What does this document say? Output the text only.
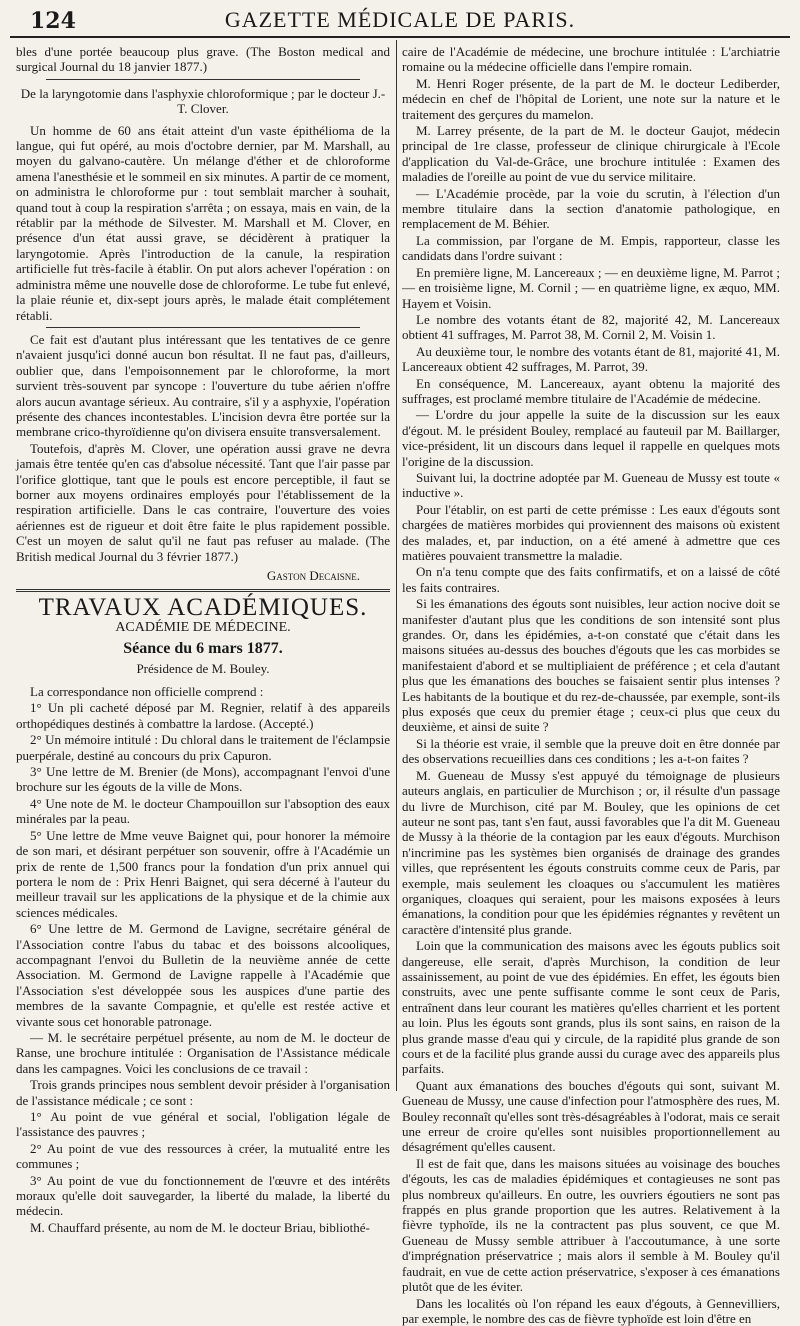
124	GAZETTE MÉDICALE DE PARIS.

bles d'une portée beaucoup plus grave. (The Boston medical and surgical Journal du 18 janvier 1877.)

De la laryngotomie dans l'asphyxie chloroformique ; par le docteur J.-T. Clover.

Un homme de 60 ans était atteint d'un vaste épithélioma de la langue, qui fut opéré, au mois d'octobre dernier, par M. Marshall, au moyen du galvano-cautère. Un mélange d'éther et de chloroforme amena l'anesthésie et le sommeil en six minutes. A partir de ce moment, on administra le chloroforme pur : tout semblait marcher à souhait, quand tout à coup la respiration s'arrêta ; on essaya, mais en vain, de la rétablir par la méthode de Silvester. M. Marshall et M. Clover, en présence d'un état aussi grave, se décidèrent à pratiquer la laryngotomie. Après l'introduction de la canule, la respiration artificielle fut très-facile à établir. On put alors achever l'opération : on administra même une nouvelle dose de chloroforme. Le tube fut enlevé, la plaie réunie et, dix-sept jours après, le malade était complétement rétabli.

Ce fait est d'autant plus intéressant que les tentatives de ce genre n'avaient jusqu'ici donné aucun bon résultat. Il ne faut pas, d'ailleurs, oublier que, dans l'empoisonnement par le chloroforme, la mort survient très-souvent par syncope : l'ouverture du tube aérien n'offre alors aucun avantage sérieux. Au contraire, s'il y a asphyxie, l'opération présente des chances incontestables. L'incision devra être portée sur la membrane crico-thyroïdienne qu'on divisera ensuite transversalement.

Toutefois, d'après M. Clover, une opération aussi grave ne devra jamais être tentée qu'en cas d'absolue nécessité. Tant que l'air passe par l'orifice glottique, tant que le pouls est encore perceptible, il faut se borner aux moyens ordinaires employés pour l'établissement de la respiration artificielle. Dans le cas contraire, l'ouverture des voies aériennes est de rigueur et doit être faite le plus rapidement possible. C'est un moyen de salut qu'il ne faut pas refuser au malade. (The British medical Journal du 3 février 1877.)

Gaston Decaisne.
TRAVAUX ACADÉMIQUES.
ACADÉMIE DE MÉDECINE.
Séance du 6 mars 1877.
Présidence de M. Bouley.

La correspondance non officielle comprend :

1° Un pli cacheté déposé par M. Regnier, relatif à des appareils orthopédiques destinés à combattre la lardose. (Accepté.)

2° Un mémoire intitulé : Du chloral dans le traitement de l'éclampsie puerpérale, destiné au concours du prix Capuron.

3° Une lettre de M. Brenier (de Mons), accompagnant l'envoi d'une brochure sur les égouts de la ville de Mons.

4° Une note de M. le docteur Champouillon sur l'absoption des eaux minérales par la peau.

5° Une lettre de Mme veuve Baignet qui, pour honorer la mémoire de son mari, et désirant perpétuer son souvenir, offre à l'Académie un prix de rente de 1,500 francs pour la fondation d'un prix annuel qui portera le nom de : Prix Henri Baignet, qui sera décerné à l'auteur du meilleur travail sur les applications de la physique et de la chimie aux sciences médicales.

6° Une lettre de M. Germond de Lavigne, secrétaire général de l'Association contre l'abus du tabac et des boissons alcooliques, accompagnant l'envoi du Bulletin de la neuvième année de cette Association. M. Germond de Lavigne rappelle à l'Académie que l'Association s'est développée sous les auspices d'une partie des membres de la savante Compagnie, et qu'elle est restée active et vivante sous cet honorable patronage.

— M. le secrétaire perpétuel présente, au nom de M. le docteur de Ranse, une brochure intitulée : Organisation de l'Assistance médicale dans les campagnes. Voici les conclusions de ce travail :

Trois grands principes nous semblent devoir présider à l'organisation de l'assistance médicale ; ce sont :

1° Au point de vue général et social, l'obligation légale de l'assistance des pauvres ;

2° Au point de vue des ressources à créer, la mutualité entre les communes ;

3° Au point de vue du fonctionnement de l'œuvre et des intérêts moraux qu'elle doit sauvegarder, la liberté du malade, la liberté du médecin.

M. Chauffard présente, au nom de M. le docteur Briau, bibliothé-

caire de l'Académie de médecine, une brochure intitulée : L'archiatrie romaine ou la médecine officielle dans l'empire romain.

M. Henri Roger présente, de la part de M. le docteur Lediberder, médecin en chef de l'hôpital de Lorient, une note sur la nature et le traitement des gerçures du mamelon.

M. Larrey présente, de la part de M. le docteur Gaujot, médecin principal de 1re classe, professeur de clinique chirurgicale à l'Ecole d'application du Val-de-Grâce, une brochure intitulée : Examen des maladies de l'oreille au point de vue du service militaire.

— L'Académie procède, par la voie du scrutin, à l'élection d'un membre titulaire dans la section d'anatomie pathologique, en remplacement de M. Béhier.

La commission, par l'organe de M. Empis, rapporteur, classe les candidats dans l'ordre suivant :

En première ligne, M. Lancereaux ; — en deuxième ligne, M. Parrot ; — en troisième ligne, M. Cornil ; — en quatrième ligne, ex æquo, MM. Hayem et Voisin.

Le nombre des votants étant de 82, majorité 42, M. Lancereaux obtient 41 suffrages, M. Parrot 38, M. Cornil 2, M. Voisin 1.

Au deuxième tour, le nombre des votants étant de 81, majorité 41, M. Lancereaux obtient 42 suffrages, M. Parrot, 39.

En conséquence, M. Lancereaux, ayant obtenu la majorité des suffrages, est proclamé membre titulaire de l'Académie de médecine.

— L'ordre du jour appelle la suite de la discussion sur les eaux d'égout. M. le président Bouley, remplacé au fauteuil par M. Baillarger, vice-président, lit un discours dans lequel il rappelle en quelques mots l'origine de la discussion.

Suivant lui, la doctrine adoptée par M. Gueneau de Mussy est toute « inductive ».

Pour l'établir, on est parti de cette prémisse : Les eaux d'égouts sont chargées de matières morbides qui proviennent des maisons où existent des malades, et, par induction, on a été amené à admettre que ces matières pouvaient transmettre la maladie.

On n'a tenu compte que des faits confirmatifs, et on a laissé de côté les faits contraires.

Si les émanations des égouts sont nuisibles, leur action nocive doit se manifester d'autant plus que les conditions de son intensité sont plus grandes. Or, dans les épidémies, a-t-on constaté que c'était dans les maisons situées au-dessus des bouches d'égouts que les cas morbides se manifestaient d'abord et se multipliaient de préférence ; et cela d'autant plus que les émanations des bouches se faisaient sentir plus intenses ? Les habitants de la boutique et du rez-de-chaussée, par exemple, sont-ils plus exposés que ceux du premier étage ; ceux-ci plus que ceux du deuxième, et ainsi de suite ?

Si la théorie est vraie, il semble que la preuve doit en être donnée par des observations recueillies dans ces conditions ; les a-t-on faites ?

M. Gueneau de Mussy s'est appuyé du témoignage de plusieurs auteurs anglais, en particulier de Murchison ; or, il résulte d'un passage du livre de Murchison, cité par M. Bouley, que les opinions de cet auteur ne sont pas, tant s'en faut, aussi favorables que l'a dit M. Gueneau de Mussy à la théorie de la contagion par les eaux d'égouts. Murchison n'incrimine pas les systèmes bien organisés de drainage des grandes villes, que représentent les égouts construits comme ceux de Paris, par exemple, mais seulement les cloaques ou s'accumulent les matières organiques, cloaques qui seraient, pour les maisons exposées à leurs émanations, la condition pour que les épidémies régnantes y revêtent un caractère d'intensité plus grande.

Loin que la communication des maisons avec les égouts publics soit dangereuse, elle serait, d'après Murchison, la condition de leur assainissement, au point de vue des épidémies. En effet, les égouts bien construits, avec une pente suffisante comme le sont ceux de Paris, entraînent dans leur courant les matières qu'elles charrient et les portent au loin. Plus les égouts sont grands, plus ils sont sains, en raison de la plus grande masse d'eau qui y circule, de la rapidité plus grande de son cours et de la facilité plus grande aussi du curage avec des appareils plus parfaits.

Quant aux émanations des bouches d'égouts qui sont, suivant M. Gueneau de Mussy, une cause d'infection pour l'atmosphère des rues, M. Bouley reconnaît qu'elles sont très-désagréables à l'odorat, mais ce serait une erreur de croire qu'elles sont nuisibles proportionnellement au désagrément qu'elles causent.

Il est de fait que, dans les maisons situées au voisinage des bouches d'égouts, les cas de maladies épidémiques et contagieuses ne sont pas plus nombreux qu'ailleurs. En outre, les ouvriers égoutiers ne sont pas frappés en plus grande proportion que les autres. Relativement à la fièvre typhoïde, ils ne la contractent pas plus souvent, ce que M. Gueneau de Mussy semble attribuer à l'accoutumance, à une sorte d'imprégnation préservatrice ; mais alors il semble à M. Bouley qu'il faudrait, en vue de cette action préservatrice, s'exposer à ces émanations plutôt que de les éviter.

Dans les localités où l'on répand les eaux d'égouts, à Gennevilliers, par exemple, le nombre des cas de fièvre typhoïde est loin d'être en
